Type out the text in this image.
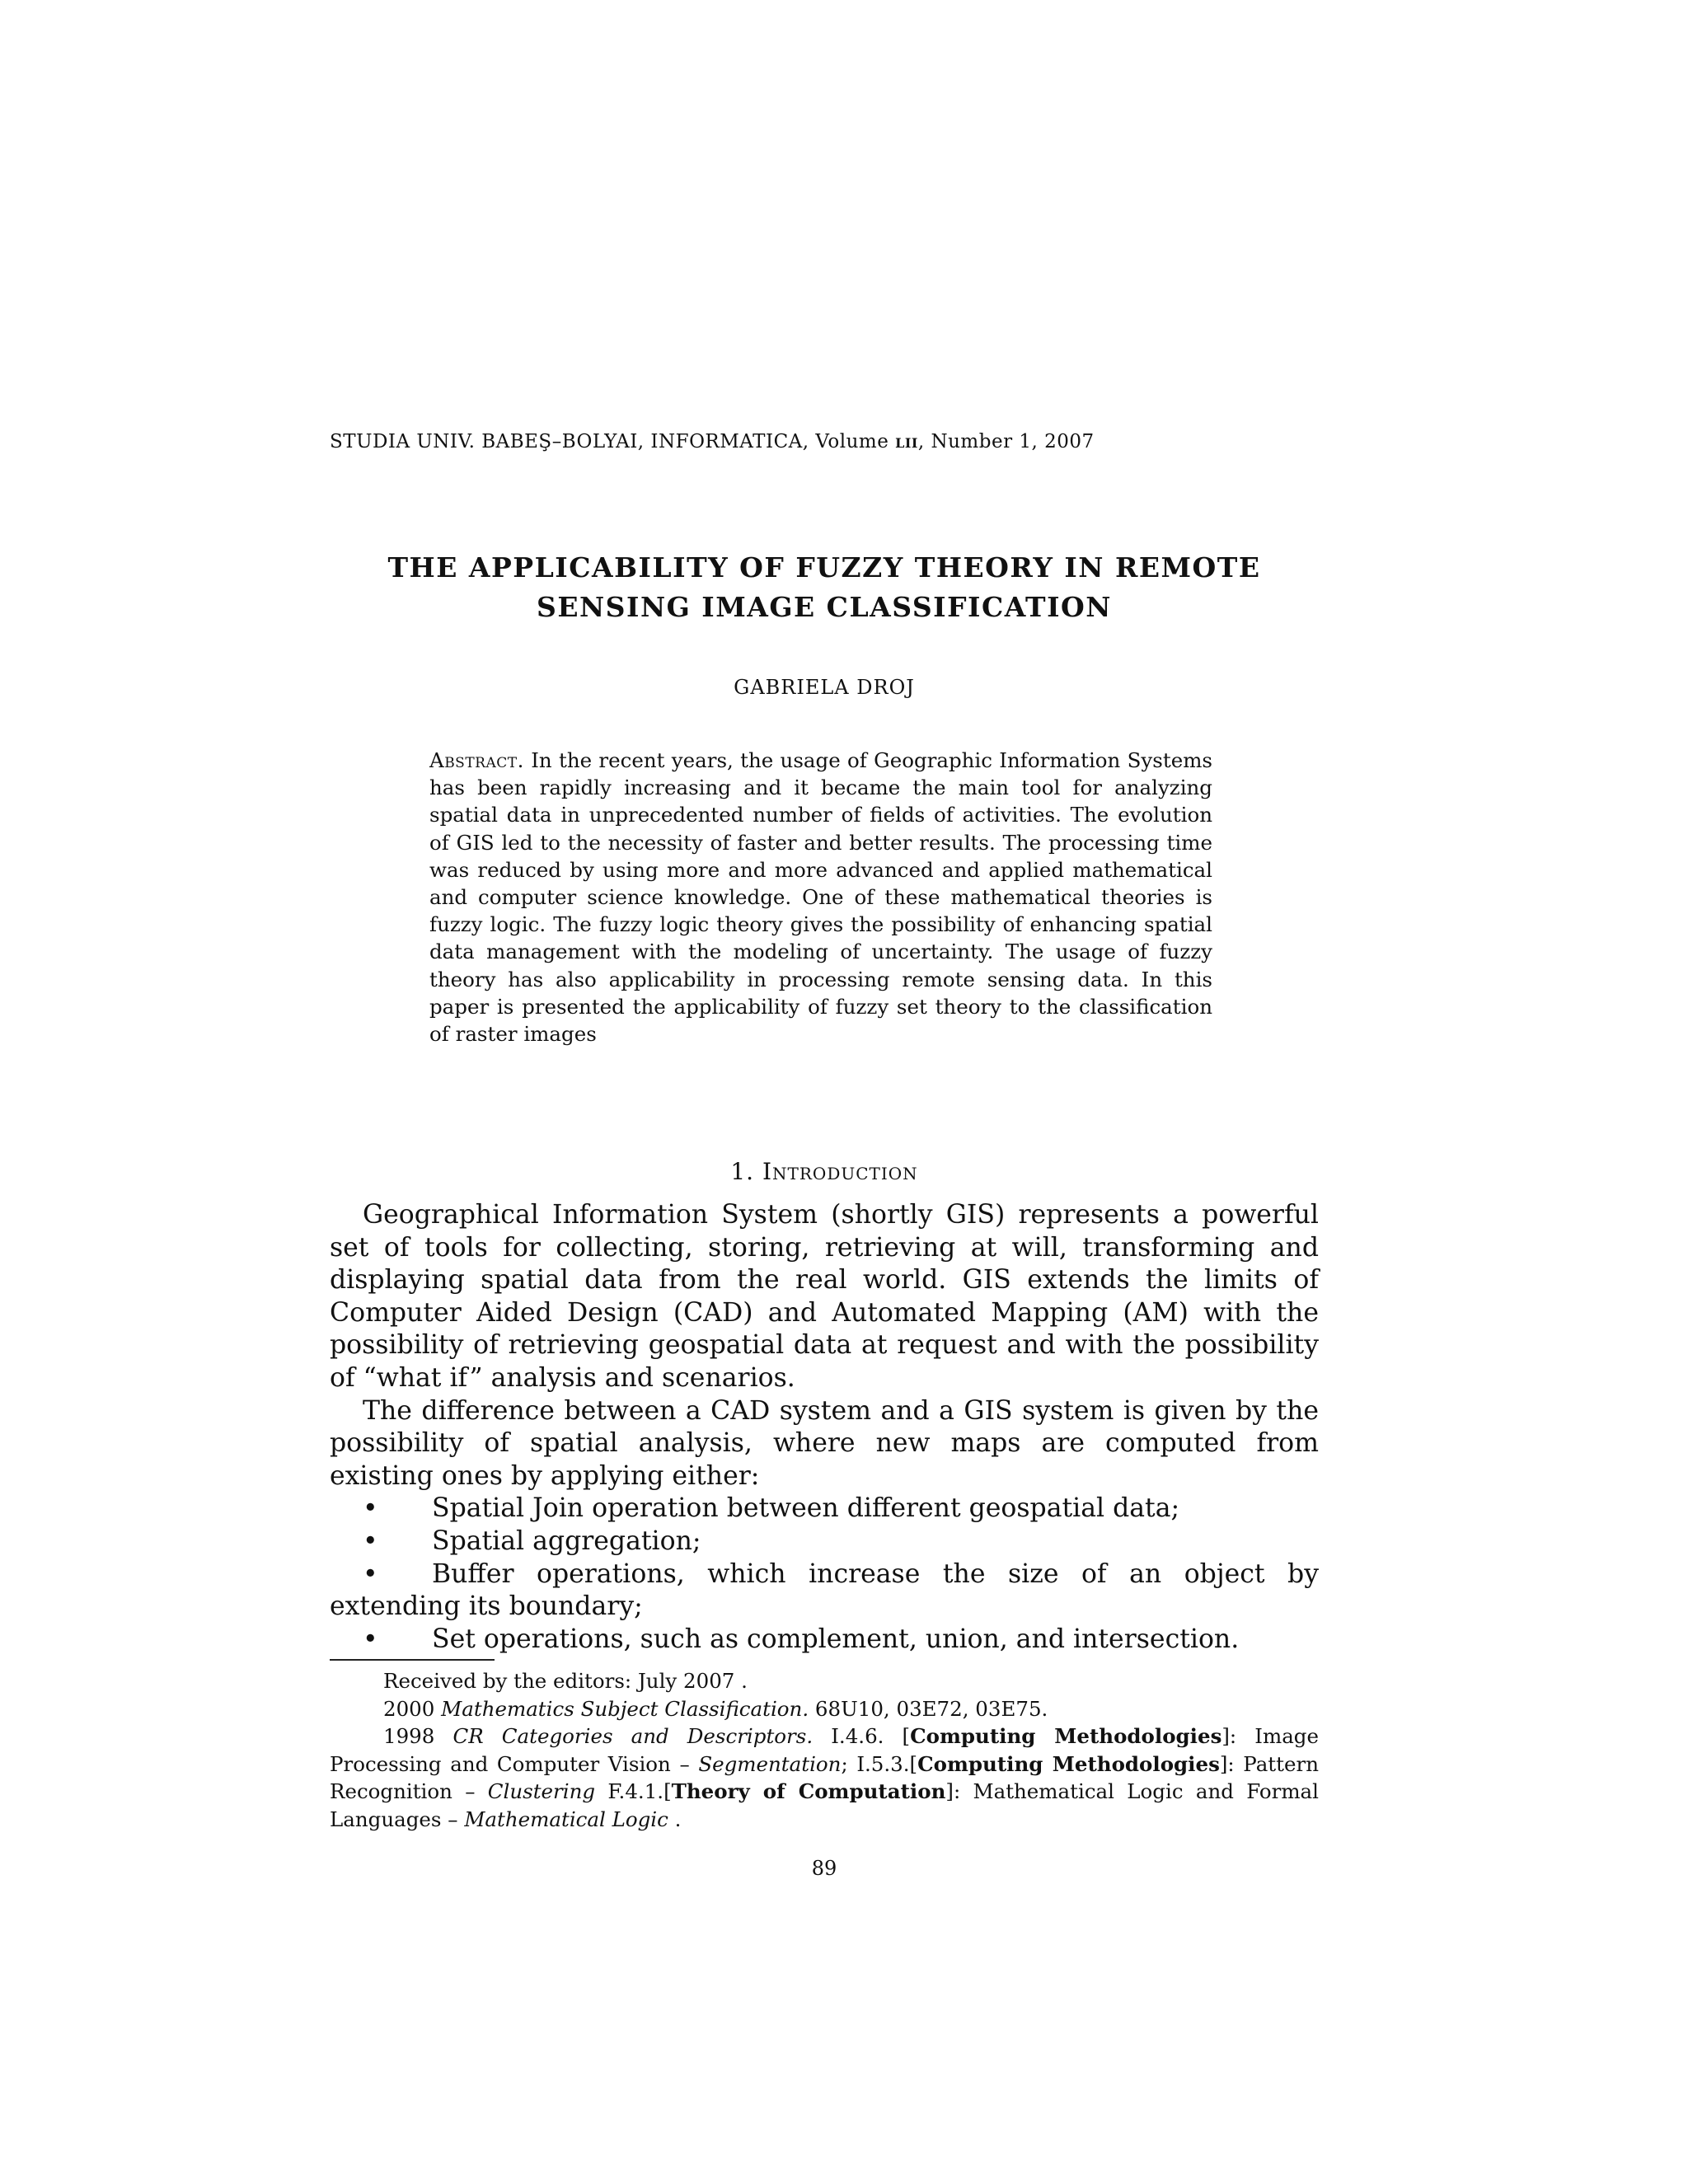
STUDIA UNIV. BABEŞ–BOLYAI, INFORMATICA, Volume lii, Number 1, 2007
THE APPLICABILITY OF FUZZY THEORY IN REMOTE
SENSING IMAGE CLASSIFICATION
GABRIELA DROJ
Abstract. In the recent years, the usage of Geographic Information Systems has been rapidly increasing and it became the main tool for analyzing spatial data in unprecedented number of fields of activities. The evolution of GIS led to the necessity of faster and better results. The processing time was reduced by using more and more advanced and applied mathematical and computer science knowledge. One of these mathematical theories is fuzzy logic. The fuzzy logic theory gives the possibility of enhancing spatial data management with the modeling of uncertainty. The usage of fuzzy theory has also applicability in processing remote sensing data. In this paper is presented the applicability of fuzzy set theory to the classification of raster images
1. Introduction

Geographical Information System (shortly GIS) represents a powerful set of tools for collecting, storing, retrieving at will, transforming and displaying spatial data from the real world. GIS extends the limits of Computer Aided Design (CAD) and Automated Mapping (AM) with the possibility of retrieving geospatial data at request and with the possibility of “what if” analysis and scenarios.

The difference between a CAD system and a GIS system is given by the possibility of spatial analysis, where new maps are computed from existing ones by applying either:

• Spatial Join operation between different geospatial data;
• Spatial aggregation;
• Buffer operations, which increase the size of an object by extending its boundary;
• Set operations, such as complement, union, and intersection.

Received by the editors: July 2007 .

2000 Mathematics Subject Classification. 68U10, 03E72, 03E75.

1998 CR Categories and Descriptors. I.4.6. [Computing Methodologies]: Image Processing and Computer Vision – Segmentation; I.5.3.[Computing Methodologies]: Pattern Recognition – Clustering F.4.1.[Theory of Computation]: Mathematical Logic and Formal Languages – Mathematical Logic .

89
